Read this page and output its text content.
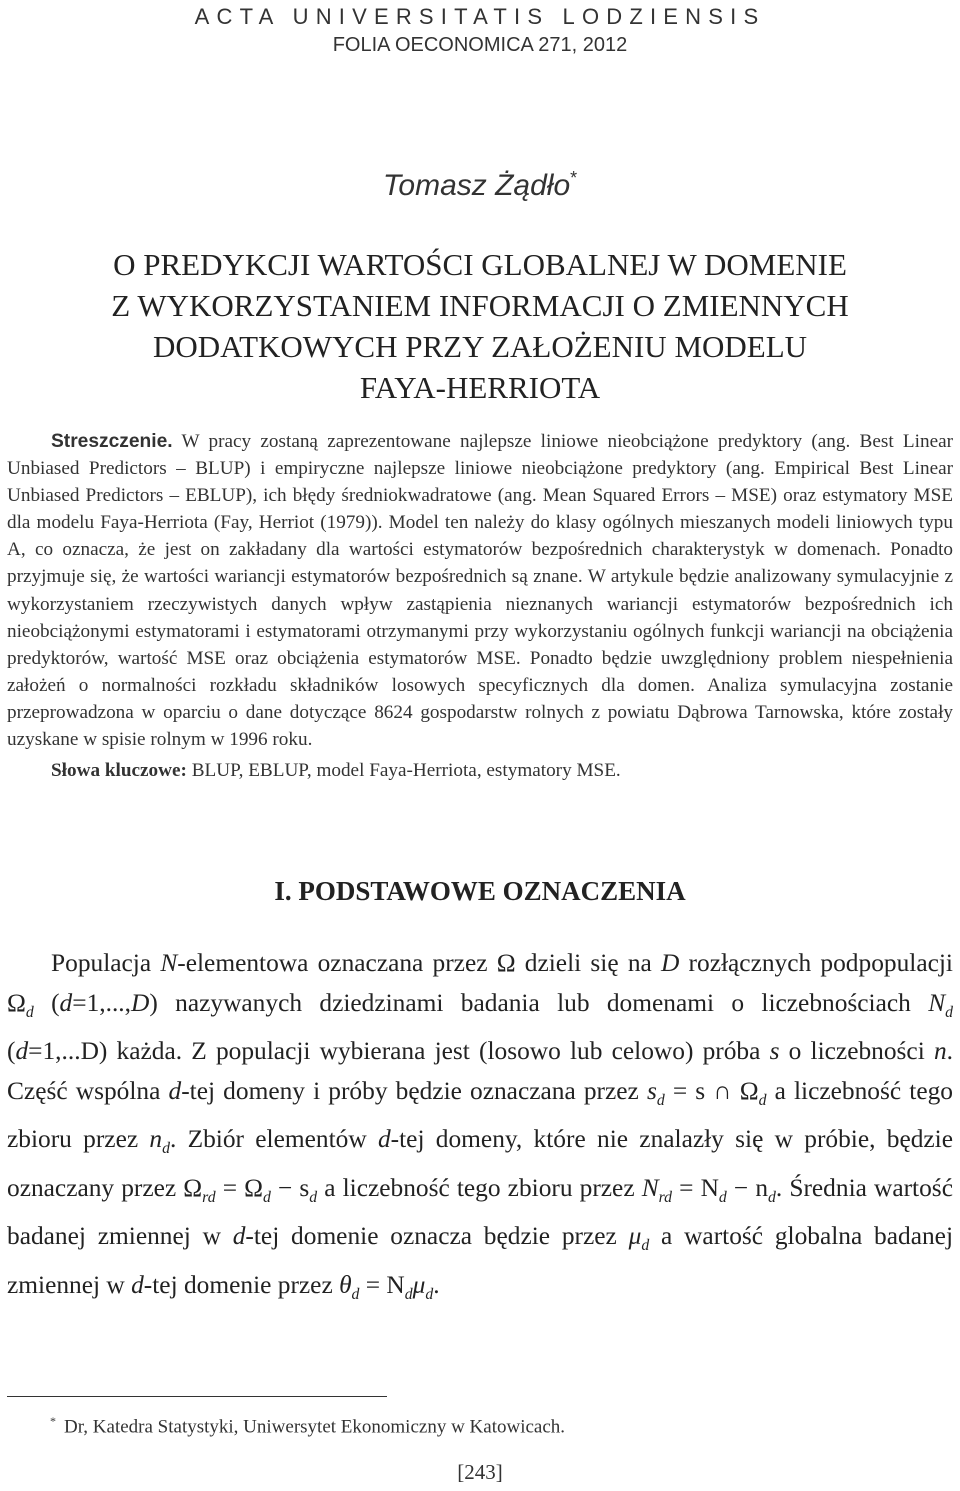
ACTA UNIVERSITATIS LODZIENSIS
FOLIA OECONOMICA 271, 2012
Tomasz Żądło*
O PREDYKCJI WARTOŚCI GLOBALNEJ W DOMENIE
Z WYKORZYSTANIEM INFORMACJI O ZMIENNYCH
DODATKOWYCH PRZY ZAŁOŻENIU MODELU
FAYA-HERRIOTA
Streszczenie. W pracy zostaną zaprezentowane najlepsze liniowe nieobciążone predyktory (ang. Best Linear Unbiased Predictors – BLUP) i empiryczne najlepsze liniowe nieobciążone predyktory (ang. Empirical Best Linear Unbiased Predictors – EBLUP), ich błędy średniokwadratowe (ang. Mean Squared Errors – MSE) oraz estymatory MSE dla modelu Faya-Herriota (Fay, Herriot (1979)). Model ten należy do klasy ogólnych mieszanych modeli liniowych typu A, co oznacza, że jest on zakładany dla wartości estymatorów bezpośrednich charakterystyk w domenach. Ponadto przyjmuje się, że wartości wariancji estymatorów bezpośrednich są znane. W artykule będzie analizowany symulacyjnie z wykorzystaniem rzeczywistych danych wpływ zastąpienia nieznanych wariancji estymatorów bezpośrednich ich nieobciążonymi estymatorami i estymatorami otrzymanymi przy wykorzystaniu ogólnych funkcji wariancji na obciążenia predyktorów, wartość MSE oraz obciążenia estymatorów MSE. Ponadto będzie uwzględniony problem niespełnienia założeń o normalności rozkładu składników losowych specyficznych dla domen. Analiza symulacyjna zostanie przeprowadzona w oparciu o dane dotyczące 8624 gospodarstw rolnych z powiatu Dąbrowa Tarnowska, które zostały uzyskane w spisie rolnym w 1996 roku.
Słowa kluczowe: BLUP, EBLUP, model Faya-Herriota, estymatory MSE.
I. PODSTAWOWE OZNACZENIA

Populacja N-elementowa oznaczana przez Ω dzieli się na D rozłącznych podpopulacji $\Omega_d$ (d=1,...,D) nazywanych dziedzinami badania lub domenami o liczebnościach $N_d$ (d=1,...D) każda. Z populacji wybierana jest (losowo lub celowo) próba s o liczebności n. Część wspólna d-tej domeny i próby będzie oznaczana przez $s_d = s$ ∩ $\Omega_d$ a liczebność tego zbioru przez $n_d$. Zbiór elementów d-tej domeny, które nie znalazły się w próbie, będzie oznaczany przez $\Omega_{rd} = \Omega_d - s_d$ a liczebność tego zbioru przez $N_{rd} = N_d - n_d$. Średnia wartość badanej zmiennej w d-tej domenie oznacza będzie przez $\mu_d$ a wartość globalna badanej zmiennej w d-tej domenie przez $\theta_d = N_d\mu_d$.

* Dr, Katedra Statystyki, Uniwersytet Ekonomiczny w Katowicach.
[243]
